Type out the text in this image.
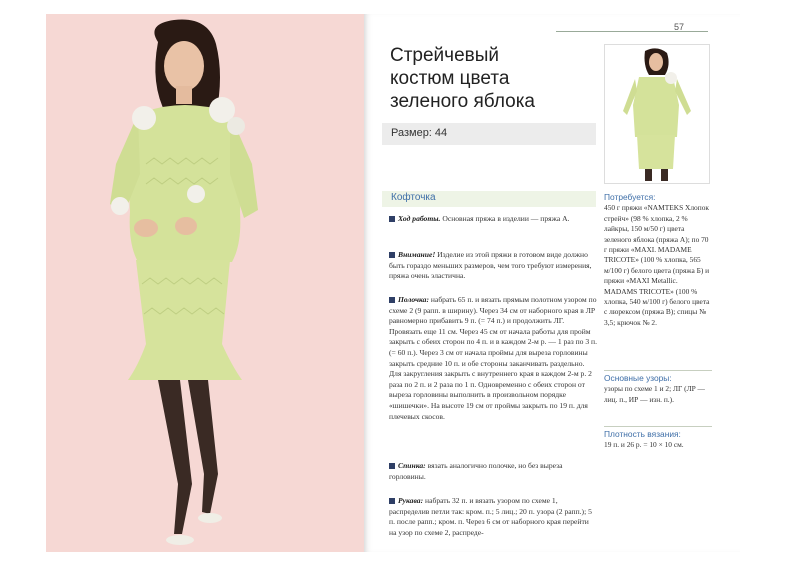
57
Стрейчевый
костюм цвета
зеленого яблока
Размер: 44
Кофточка

Ход работы. Основная пряжа в изделии — пряжа А.

Внимание! Изделие из этой пряжи в готовом виде должно быть гораздо меньших размеров, чем того требуют измерения, пряжа очень эластична.

Полочка: набрать 65 п. и вязать прямым полотном узором по схеме 2 (9 рапп. в ширину). Через 34 см от наборного края в ЛР равномерно прибавить 9 п. (= 74 п.) и продолжить ЛГ. Провязать еще 11 см. Через 45 см от начала работы для пройм закрыть с обеих сторон по 4 п. и в каждом 2-м р. — 1 раз по 3 п. (= 60 п.). Через 3 см от начала проймы для выреза горловины закрыть средние 10 п. и обе стороны заканчивать раздельно. Для закругления закрыть с внутреннего края в каждом 2-м р. 2 раза по 2 п. и 2 раза по 1 п. Одновременно с обеих сторон от выреза горловины выполнить в произвольном порядке «шишечки». На высоте 19 см от проймы закрыть по 19 п. для плечевых скосов.

Спинка: вязать аналогично полочке, но без выреза горловины.

Рукава: набрать 32 п. и вязать узором по схеме 1, распределив петли так: кром. п.; 5 лиц.; 20 п. узора (2 рапп.); 5 п. после рапп.; кром. п. Через 6 см от наборного края перейти на узор по схеме 2, распреде-

Потребуется:
450 г пряжи «NAMTEKS Хлопок стрейч» (98 % хлопка, 2 % лайкры, 150 м/50 г) цвета зеленого яблока (пряжа А); по 70 г пряжи «MAXI. MADAME TRICOTE» (100 % хлопка, 565 м/100 г) белого цвета (пряжа Б) и пряжи «MAXI Metallic. MADAMS TRICOTE» (100 % хлопка, 540 м/100 г) белого цвета с люрексом (пряжа В); спицы № 3,5; крючок № 2.
Основные узоры:
узоры по схеме 1 и 2; ЛГ (ЛР — лиц. п., ИР — изн. п.).
Плотность вязания:
19 п. и 26 р. = 10 × 10 см.
